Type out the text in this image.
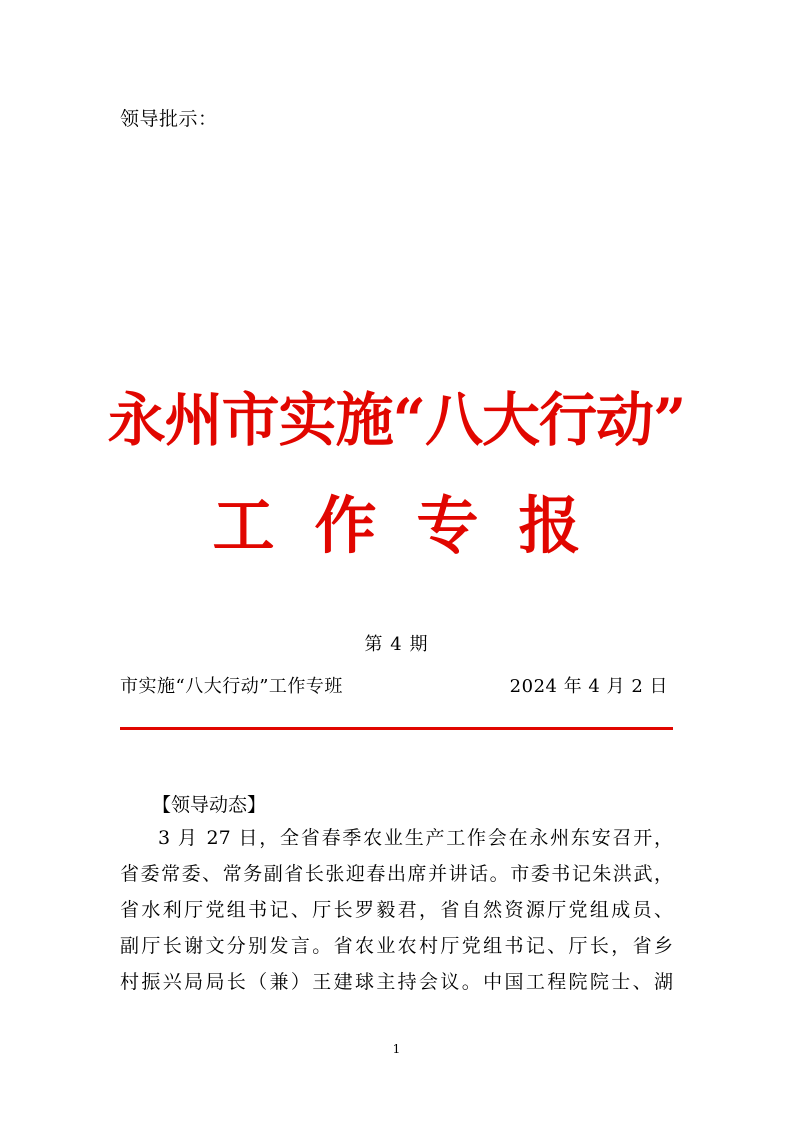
领导批示：
永州市实施“八大行动”
工 作 专 报
第 4 期
市实施“八大行动”工作专班	2024 年 4 月 2 日
【领导动态】
3 月 27 日，全省春季农业生产工作会在永州东安召开，
省委常委、常务副省长张迎春出席并讲话。市委书记朱洪武，
省水利厅党组书记、厅长罗毅君，省自然资源厅党组成员、
副厅长谢文分别发言。省农业农村厅党组书记、厅长，省乡
村振兴局局长（兼）王建球主持会议。中国工程院院士、湖
1
